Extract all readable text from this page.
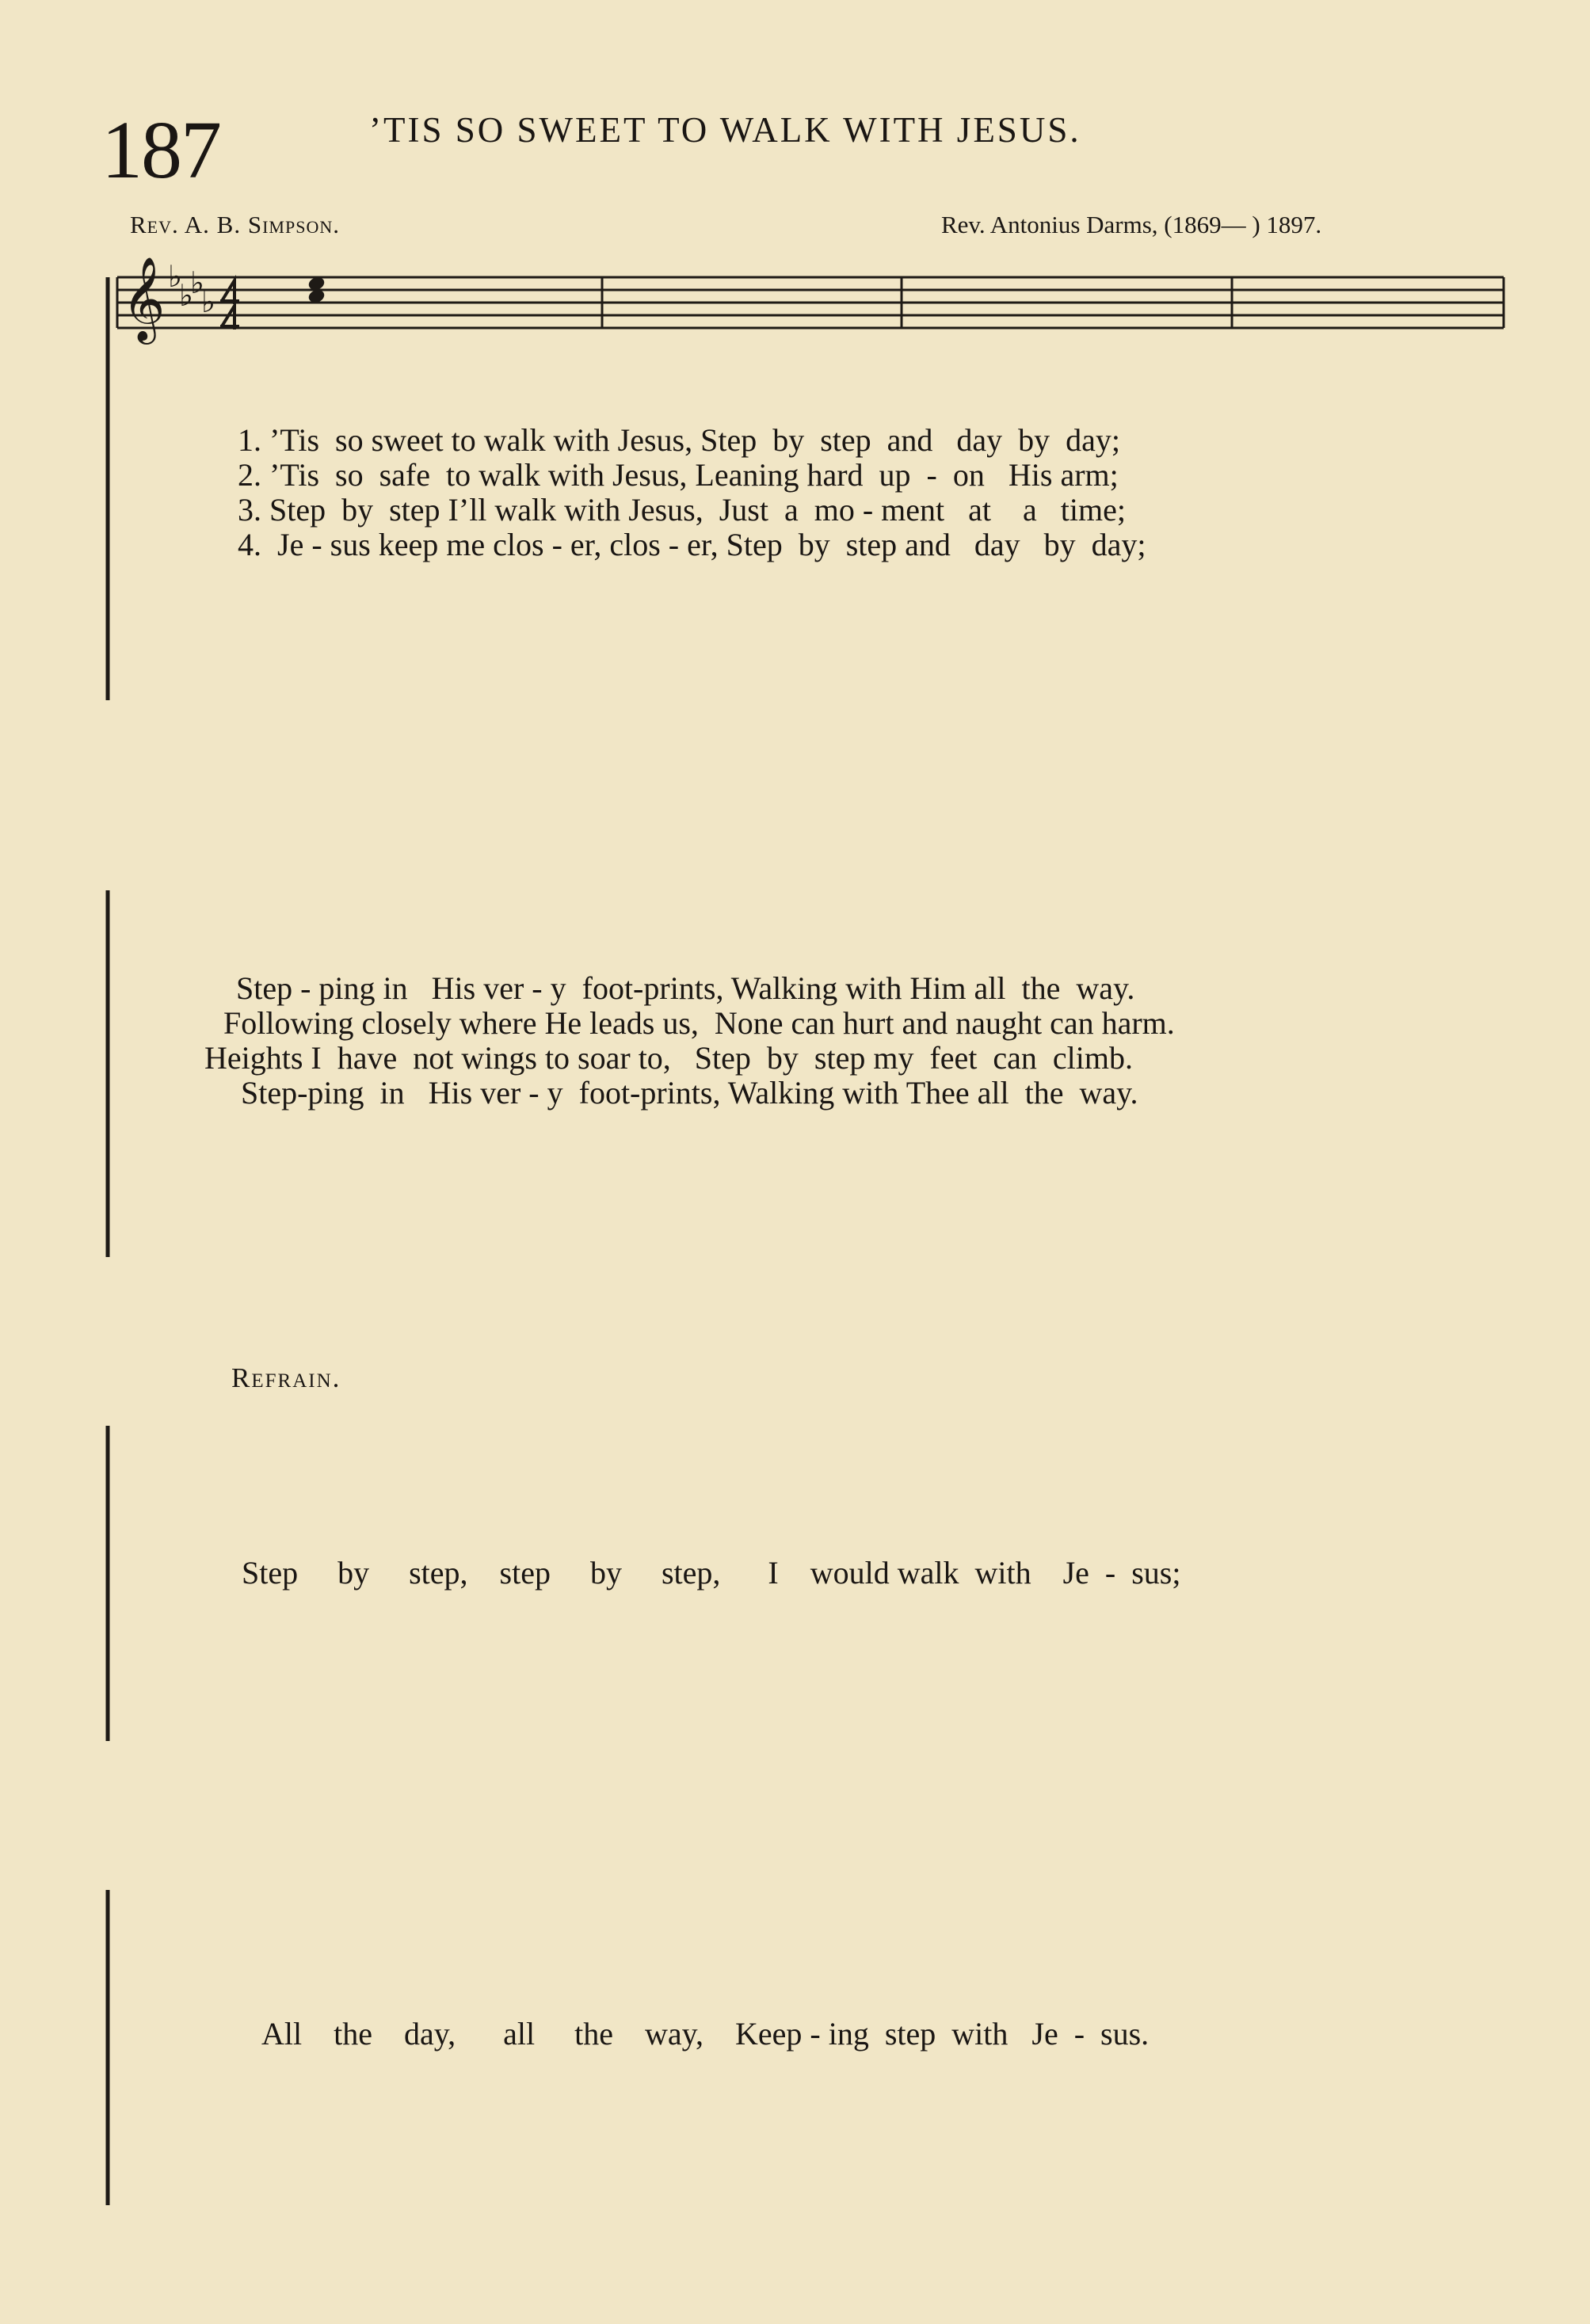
187	’TIS SO SWEET TO WALK WITH JESUS.
Rev. A. B. Simpson.	Rev. Antonius Darms, (1869— ) 1897.
𝄞 ♭
♭
♭
♭
1. ’Tis  so sweet to walk with Jesus, Step  by  step  and   day  by  day;
2. ’Tis  so  safe  to walk with Jesus, Leaning hard  up  -  on   His arm;
3. Step  by  step I’ll walk with Jesus,  Just  a  mo - ment   at    a   time;
4.  Je - sus keep me clos - er, clos - er, Step  by  step and   day   by  day;
Step - ping in   His ver - y  foot-prints, Walking with Him all  the  way.
Following closely where He leads us,  None can hurt and naught can harm.
Heights I  have  not wings to soar to,   Step  by  step my  feet  can  climb.
Step-ping  in   His ver - y  foot-prints, Walking with Thee all  the  way.
Refrain.
Step     by     step,    step     by     step,      I    would walk  with    Je  -  sus;
All    the    day,      all     the    way,    Keep - ing  step  with   Je  -  sus.
